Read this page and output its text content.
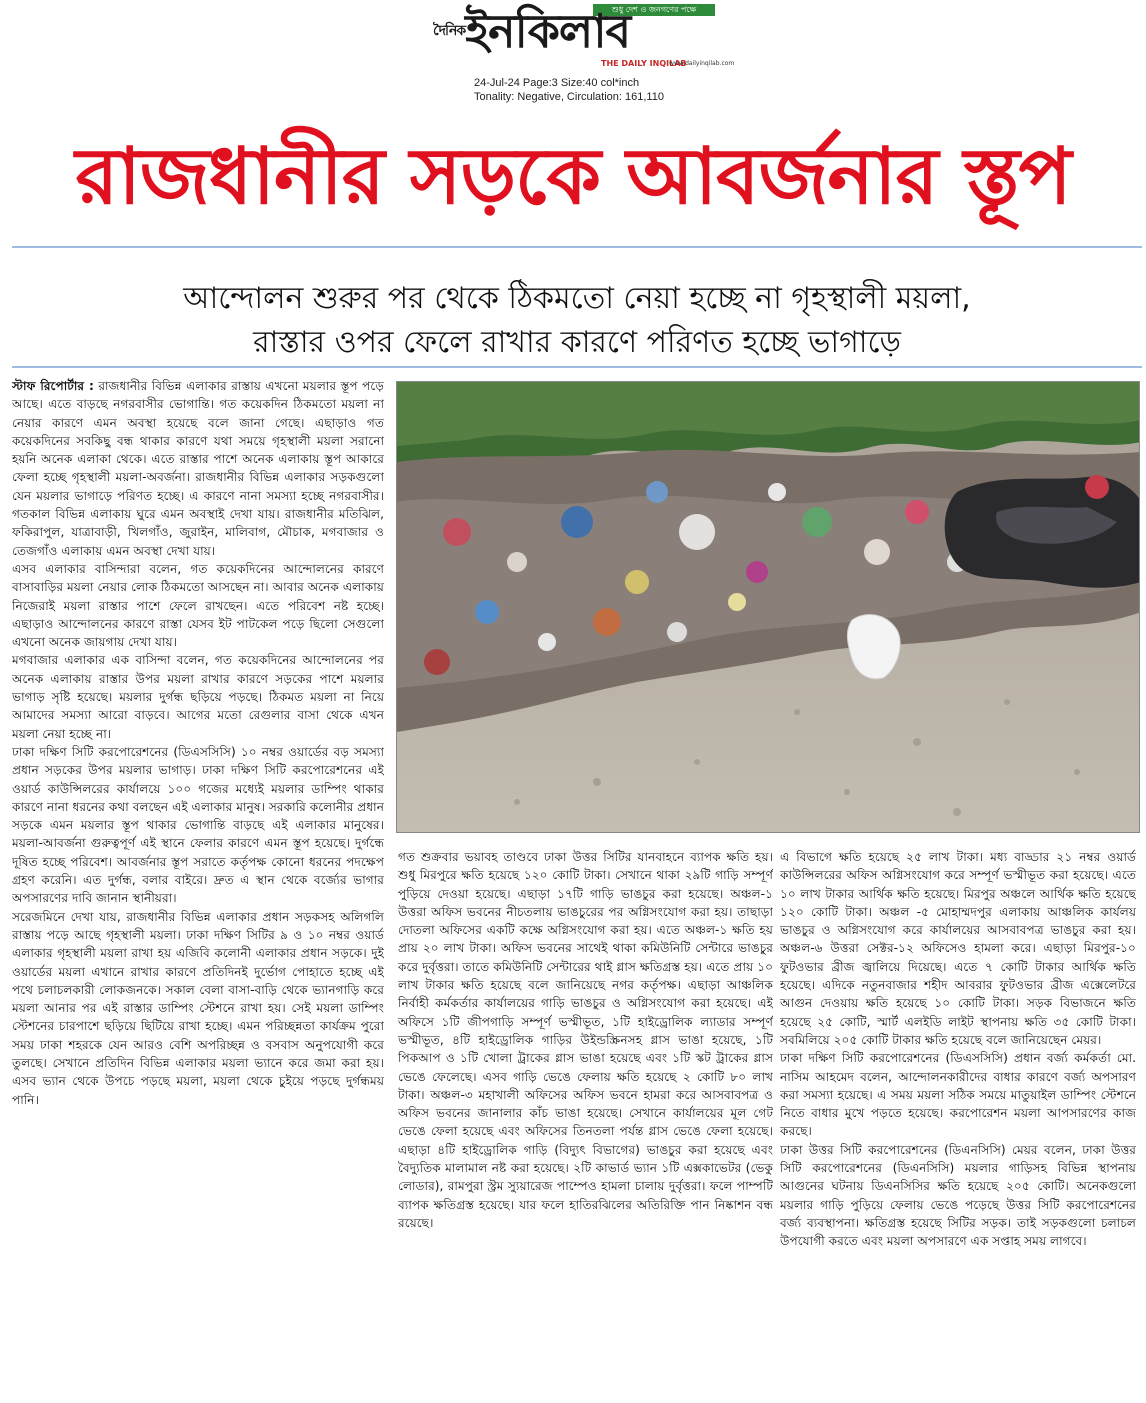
শুধু দেশ ও জনগণের পক্ষে
$^{দৈনিক}$ইনকিলাব
THE DAILY INQILAB
www.dailyinqilab.com
24-Jul-24 Page:3 Size:40 col*inch
Tonality: Negative, Circulation: 161,110
রাজধানীর সড়কে আবর্জনার স্তূপ
আন্দোলন শুরুর পর থেকে ঠিকমতো নেয়া হচ্ছে না গৃহস্থালী ময়লা,
রাস্তার ওপর ফেলে রাখার কারণে পরিণত হচ্ছে ভাগাড়ে

স্টাফ রিপোর্টার : রাজধানীর বিভিন্ন এলাকার রাস্তায় এখনো ময়লার স্তূপ পড়ে আছে। এতে বাড়ছে নগরবাসীর ভোগান্তি। গত কয়েকদিন ঠিকমতো ময়লা না নেয়ার কারণে এমন অবস্থা হয়েছে বলে জানা গেছে। এছাড়াও গত কয়েকদিনের সবকিছু বন্ধ থাকার কারণে যথা সময়ে গৃহস্থালী ময়লা সরানো হয়নি অনেক এলাকা থেকে। এতে রাস্তার পাশে অনেক এলাকায় স্তূপ আকারে ফেলা হচ্ছে গৃহস্থালী ময়লা-অবর্জনা। রাজধানীর বিভিন্ন এলাকার সড়কগুলো যেন ময়লার ভাগাড়ে পরিণত হচ্ছে। এ কারণে নানা সমস্যা হচ্ছে নগরবাসীর। গতকাল বিভিন্ন এলাকায় ঘুরে এমন অবস্থাই দেখা যায়। রাজধানীর মতিঝিল, ফকিরাপুল, যাত্রাবাড়ী, খিলগাঁও, জুরাইন, মালিবাগ, মৌচাক, মগবাজার ও তেজগাঁও এলাকায় এমন অবস্থা দেখা যায়।

এসব এলাকার বাসিন্দারা বলেন, গত কয়েকদিনের আন্দোলনের কারণে বাসাবাড়ির ময়লা নেয়ার লোক ঠিকমতো আসছেন না। আবার অনেক এলাকায় নিজেরাই ময়লা রাস্তার পাশে ফেলে রাখছেন। এতে পরিবেশ নষ্ট হচ্ছে। এছাড়াও আন্দোলনের কারণে রাস্তা যেসব ইট পাটকেল পড়ে ছিলো সেগুলো এখনো অনেক জায়গায় দেখা যায়।

মগবাজার এলাকার এক বাসিন্দা বলেন, গত কয়েকদিনের আন্দোলনের পর অনেক এলাকায় রাস্তার উপর ময়লা রাখার কারণে সড়কের পাশে ময়লার ভাগাড় সৃষ্টি হয়েছে। ময়লার দুর্গন্ধ ছড়িয়ে পড়ছে। ঠিকমত ময়লা না নিয়ে আমাদের সমস্যা আরো বাড়বে। আগের মতো রেগুলার বাসা থেকে এখন ময়লা নেয়া হচ্ছে না।

ঢাকা দক্ষিণ সিটি করপোরেশনের (ডিএসসিসি) ১০ নম্বর ওয়ার্ডের বড় সমস্যা প্রধান সড়কের উপর ময়লার ভাগাড়। ঢাকা দক্ষিণ সিটি করপোরেশনের এই ওয়ার্ড কাউন্সিলরের কার্যালয়ে ১০০ গজের মধ্যেই ময়লার ডাম্পিং থাকার কারণে নানা ধরনের কথা বলছেন এই এলাকার মানুষ। সরকারি কলোনীর প্রধান সড়কে এমন ময়লার স্তূপ থাকার ভোগান্তি বাড়ছে এই এলাকার মানুষের। ময়লা-আবর্জনা গুরুত্বপূর্ণ এই স্থানে ফেলার কারণে এমন স্তূপ হয়েছে। দুর্গন্ধে দূষিত হচ্ছে পরিবেশ। আবর্জনার স্তূপ সরাতে কর্তৃপক্ষ কোনো ধরনের পদক্ষেপ গ্রহণ করেনি। এত দুর্গন্ধ, বলার বাইরে। দ্রুত এ স্থান থেকে বর্জ্যের ভাগার অপসারণের দাবি জানান স্থানীয়রা।

সরেজমিনে দেখা যায়, রাজধানীর বিভিন্ন এলাকার প্রধান সড়কসহ অলিগলি রাস্তায় পড়ে আছে গৃহস্থালী ময়লা। ঢাকা দক্ষিণ সিটির ৯ ও ১০ নম্বর ওয়ার্ড এলাকার গৃহস্থালী ময়লা রাখা হয় এজিবি কলোনী এলাকার প্রধান সড়কে। দুই ওয়ার্ডের ময়লা এখানে রাখার কারণে প্রতিদিনই দুর্ভোগ পোহাতে হচ্ছে এই পথে চলাচলকারী লোকজনকে। সকাল বেলা বাসা-বাড়ি থেকে ভ্যানগাড়ি করে ময়লা আনার পর এই রাস্তার ডাম্পিং স্টেশনে রাখা হয়। সেই ময়লা ডাম্পিং স্টেশনের চারপাশে ছড়িয়ে ছিটিয়ে রাখা হচ্ছে। এমন পরিচ্ছন্নতা কার্যক্রম পুরো সময় ঢাকা শহরকে যেন আরও বেশি অপরিচ্ছন্ন ও বসবাস অনুপযোগী করে তুলছে। সেখানে প্রতিদিন বিভিন্ন এলাকার ময়লা ভ্যানে করে জমা করা হয়। এসব ভ্যান থেকে উপচে পড়ছে ময়লা, ময়লা থেকে চুইয়ে পড়ছে দুর্গন্ধময় পানি।

গত শুক্রবার ভয়াবহ তাণ্ডবে ঢাকা উত্তর সিটির যানবাহনে ব্যাপক ক্ষতি হয়। শুধু মিরপুরে ক্ষতি হয়েছে ১২০ কোটি টাকা। সেখানে থাকা ২৯টি গাড়ি সম্পূর্ণ পুড়িয়ে দেওয়া হয়েছে। এছাড়া ১৭টি গাড়ি ভাঙচুর করা হয়েছে। অঞ্চল-১ উত্তরা অফিস ভবনের নীচতলায় ভাঙচুরের পর অগ্নিসংযোগ করা হয়। তাছাড়া দোতলা অফিসের একটি কক্ষে অগ্নিসংযোগ করা হয়। এতে অঞ্চল-১ ক্ষতি হয় প্রায় ২০ লাখ টাকা। অফিস ভবনের সাথেই থাকা কমিউনিটি সেন্টারে ভাঙচুর করে দুর্বৃত্তরা। তাতে কমিউনিটি সেন্টারের থাই গ্লাস ক্ষতিগ্রস্ত হয়। এতে প্রায় ১০ লাখ টাকার ক্ষতি হয়েছে বলে জানিয়েছে নগর কর্তৃপক্ষ। এছাড়া আঞ্চলিক নির্বাহী কর্মকর্তার কার্যালয়ের গাড়ি ভাঙচুর ও অগ্নিসংযোগ করা হয়েছে। এই অফিসে ১টি জীপগাড়ি সম্পূর্ণ ভস্মীভূত, ১টি হাইড্রোলিক ল্যাডার সম্পূর্ণ ভস্মীভূত, ৪টি হাইড্রোলিক গাড়ির উইন্ডস্ক্রিনসহ গ্লাস ভাঙা হয়েছে, ১টি পিকআপ ও ১টি খোলা ট্রাকের গ্লাস ভাঙা হয়েছে এবং ১টি স্কট ট্রাকের গ্লাস ভেঙে ফেলেছে। এসব গাড়ি ভেঙে ফেলায় ক্ষতি হয়েছে ২ কোটি ৮০ লাখ টাকা। অঞ্চল-৩ মহাখালী অফিসের অফিস ভবনে হামরা করে আসবাবপত্র ও অফিস ভবনের জানালার কাঁচ ভাঙা হয়েছে। সেখানে কার্যালয়ের মূল গেট ভেঙে ফেলা হয়েছে এবং অফিসের তিনতলা পর্যন্ত গ্লাস ভেঙে ফেলা হয়েছে। এছাড়া ৪টি হাইড্রোলিক গাড়ি (বিদ্যুৎ বিভাগের) ভাঙচুর করা হয়েছে এবং বৈদ্যুতিক মালামাল নষ্ট করা হয়েছে। ২টি কাভার্ড ভ্যান ১টি এক্সকাভেটর (ভেকু লোডার), রামপুরা স্ট্রম স্যুয়ারেজ পাম্পেও হামলা চালায় দুর্বৃত্তরা। ফলে পাম্পটি ব্যাপক ক্ষতিগ্রস্ত হয়েছে। যার ফলে হাতিরঝিলের অতিরিক্তি পান নিষ্কাশন বন্ধ রয়েছে।

এ বিভাগে ক্ষতি হয়েছে ২৫ লাখ টাকা। মধ্য বাড্ডার ২১ নম্বর ওয়ার্ড কাউন্সিলরের অফিস অগ্নিসংযোগ করে সম্পূর্ণ ভস্মীভূত করা হয়েছে। এতে ১০ লাখ টাকার আর্থিক ক্ষতি হয়েছে। মিরপুর অঞ্চলে আর্থিক ক্ষতি হয়েছে ১২০ কোটি টাকা। অঞ্চল -৫ মোহাম্মদপুর এলাকায় আঞ্চলিক কার্যলয় ভাঙচুর ও অগ্নিসংযোগ করে কার্যালয়ের আসবাবপত্র ভাঙচুর করা হয়। অঞ্চল-৬ উত্তরা সেক্টর-১২ অফিসেও হামলা করে। এছাড়া মিরপুর-১০ ফুটওভার ব্রীজ জ্বালিয়ে দিয়েছে। এতে ৭ কোটি টাকার আর্থিক ক্ষতি হয়েছে। এদিকে নতুনবাজার শহীদ আবরার ফুটওভার ব্রীজ এক্সেলেটরে আগুন দেওয়ায় ক্ষতি হয়েছে ১০ কোটি টাকা। সড়ক বিভাজনে ক্ষতি হয়েছে ২৫ কোটি, স্মার্ট এলইডি লাইট স্থাপনায় ক্ষতি ৩৫ কোটি টাকা। সবমিলিয়ে ২০৫ কোটি টাকার ক্ষতি হয়েছে বলে জানিয়েছেন মেয়র।

ঢাকা দক্ষিণ সিটি করপোরেশনের (ডিএসসিসি) প্রধান বর্জ্য কর্মকর্তা মো. নাসিম আহমেদ বলেন, আন্দোলনকারীদের বাধার কারণে বর্জ্য অপসারণ করা সমস্যা হয়েছে। এ সময় ময়লা সঠিক সময়ে মাতুয়াইল ডাম্পিং স্টেশনে নিতে বাধার মুখে পড়তে হয়েছে। করপোরেশন ময়লা আপসারণের কাজ করছে।

ঢাকা উত্তর সিটি করপোরেশনের (ডিএনসিসি) মেয়র বলেন, ঢাকা উত্তর সিটি করপোরেশনের (ডিএনসিসি) ময়লার গাড়িসহ বিভিন্ন স্থাপনায় আগুনের ঘটনায় ডিএনসিসির ক্ষতি হয়েছে ২০৫ কোটি। অনেকগুলো ময়লার গাড়ি পুড়িয়ে ফেলায় ভেঙে পড়েছে উত্তর সিটি করপোরেশনের বর্জ্য ব্যবস্থাপনা। ক্ষতিগ্রস্ত হয়েছে সিটির সড়ক। তাই সড়কগুলো চলাচল উপযোগী করতে এবং ময়লা অপসারণে এক সপ্তাহ সময় লাগবে।
